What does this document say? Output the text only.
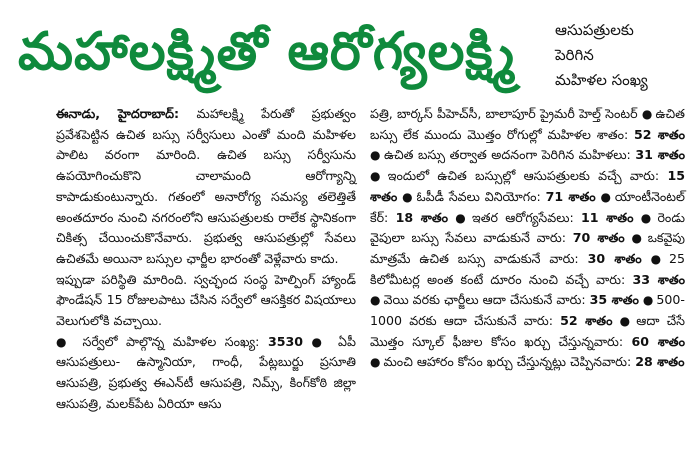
మహాలక్ష్మితో ఆరోగ్యలక్ష్మి	ఆసుపత్రులకు
పెరిగిన
మహిళల సంఖ్య

ఈనాడు, హైదరాబాద్: మహాలక్ష్మి పేరుతో ప్రభుత్వం ప్రవేశపెట్టిన ఉచిత బస్సు సర్వీసులు ఎంతో మంది మహిళల పాలిట వరంగా మారింది. ఉచిత బస్సు సర్వీసును ఉపయోగించుకొని చాలామంది ఆరోగ్యాన్ని కాపాడుకుంటున్నారు. గతంలో అనారోగ్య సమస్య తలెత్తితే అంతదూరం నుంచి నగరంలోని ఆసుపత్రులకు రాలేక స్థానికంగా చికిత్స చేయించుకొనేవారు. ప్రభుత్వ ఆసుపత్రుల్లో సేవలు ఉచితమే అయినా బస్సుల ఛార్జీల భారంతో వెళ్లేవారు కాదు.

ఇప్పుడా పరిస్థితి మారింది. స్వచ్ఛంద సంస్థ హెల్పింగ్ హ్యాండ్ ఫౌండేషన్ 15 రోజులపాటు చేసిన సర్వేలో ఆసక్తికర విషయాలు వెలుగులోకి వచ్చాయి.

● సర్వేలో పాల్గొన్న మహిళల సంఖ్య: 3530 ● ఏపీ ఆసుపత్రులు- ఉస్మానియా, గాంధీ, పేట్లబుర్జు ప్రసూతి ఆసుపత్రి, ప్రభుత్వ ఈఎన్‌టీ ఆసుపత్రి, నిమ్స్, కింగ్‌కోఠి జిల్లా ఆసుపత్రి, మలక్‌పేట ఏరియా ఆసు

పత్రి, బార్కస్ పీహెచ్‌సీ, బాలాపూర్ ప్రైమరీ హెల్త్ సెంటర్ ● ఉచిత బస్సు లేక ముందు మొత్తం రోగుల్లో మహిళల శాతం: 52 శాతం ● ఉచిత బస్సు తర్వాత అదనంగా పెరిగిన మహిళలు: 31 శాతం ● ఇందులో ఉచిత బస్సుల్లో ఆసుపత్రులకు వచ్చే వారు: 15 శాతం ● ఓపీడీ సేవలు వినియోగం: 71 శాతం ● యాంటీనెంటల్ కేర్: 18 శాతం ● ఇతర ఆరోగ్యసేవలు: 11 శాతం ● రెండు వైపులా బస్సు సేవలు వాడుకునే వారు: 70 శాతం ● ఒకవైపు మాత్రమే ఉచిత బస్సు వాడుకునే వారు: 30 శాతం ● 25 కిలోమీటర్ల అంత కంటే దూరం నుంచి వచ్చే వారు: 33 శాతం ● వెయి వరకు ఛార్జీలు ఆదా చేసుకునే వారు: 35 శాతం ● 500-1000 వరకు ఆదా చేసుకునే వారు: 52 శాతం ● ఆదా చేసే మొత్తం స్కూల్ ఫీజుల కోసం ఖర్చు చేస్తున్నవారు: 60 శాతం ● మంచి ఆహారం కోసం ఖర్చు చేస్తున్నట్లు చెప్పినవారు: 28 శాతం
